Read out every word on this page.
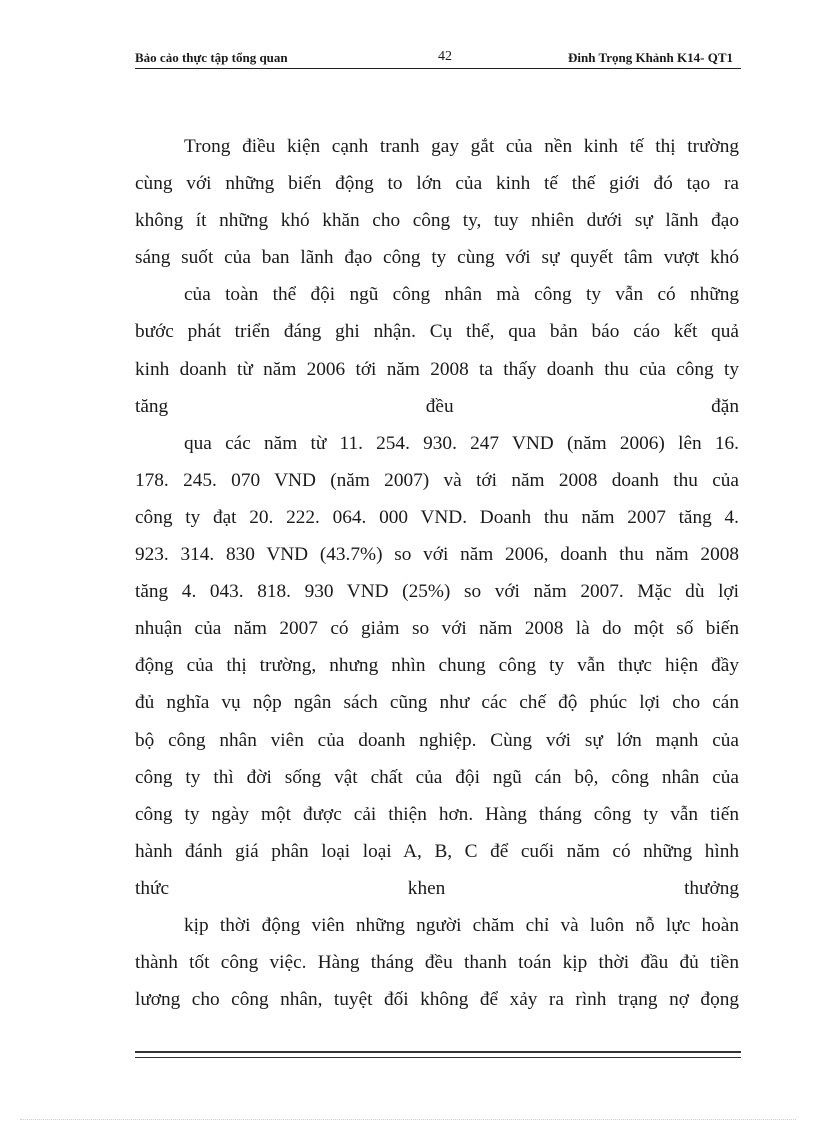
Bảo cảo thực tập tổng quan	42	Đinh Trọng Khảnh K14- QT1
Trong điều kiện cạnh tranh gay gắt của nền kinh tế thị trường
cùng với những biến động to lớn của kinh tế thế giới đó tạo ra
không ít những khó khăn cho công ty, tuy nhiên dưới sự lãnh đạo
sáng suốt của ban lãnh đạo công ty cùng với sự quyết tâm vượt khó
của toàn thể đội ngũ công nhân mà công ty vẫn có những
bước phát triển đáng ghi nhận. Cụ thể, qua bản báo cáo kết quả
kinh doanh từ năm 2006 tới năm 2008 ta thấy doanh thu của công ty
tăng	đều	đặn
qua các năm từ 11. 254. 930. 247 VND (năm 2006) lên 16.
178. 245. 070 VND (năm 2007) và tới năm 2008 doanh thu của
công ty đạt 20. 222. 064. 000 VND. Doanh thu năm 2007 tăng 4.
923. 314. 830 VND (43.7%) so với năm 2006, doanh thu năm 2008
tăng 4. 043. 818. 930 VND (25%) so với năm 2007. Mặc dù lợi
nhuận của năm 2007 có giảm so với năm 2008 là do một số biến
động của thị trường, nhưng nhìn chung công ty vẫn thực hiện đầy
đủ nghĩa vụ nộp ngân sách cũng như các chế độ phúc lợi cho cán
bộ công nhân viên của doanh nghiệp. Cùng với sự lớn mạnh của
công ty thì đời sống vật chất của đội ngũ cán bộ, công nhân của
công ty ngày một được cải thiện hơn. Hàng tháng công ty vẫn tiến
hành đánh giá phân loại loại A, B, C để cuối năm có những hình
thức	khen	thưởng
kịp thời động viên những người chăm chỉ và luôn nỗ lực hoàn
thành tốt công việc. Hàng tháng đều thanh toán kịp thời đầu đủ tiền
lương cho công nhân, tuyệt đối không để xảy ra rình trạng nợ đọng
